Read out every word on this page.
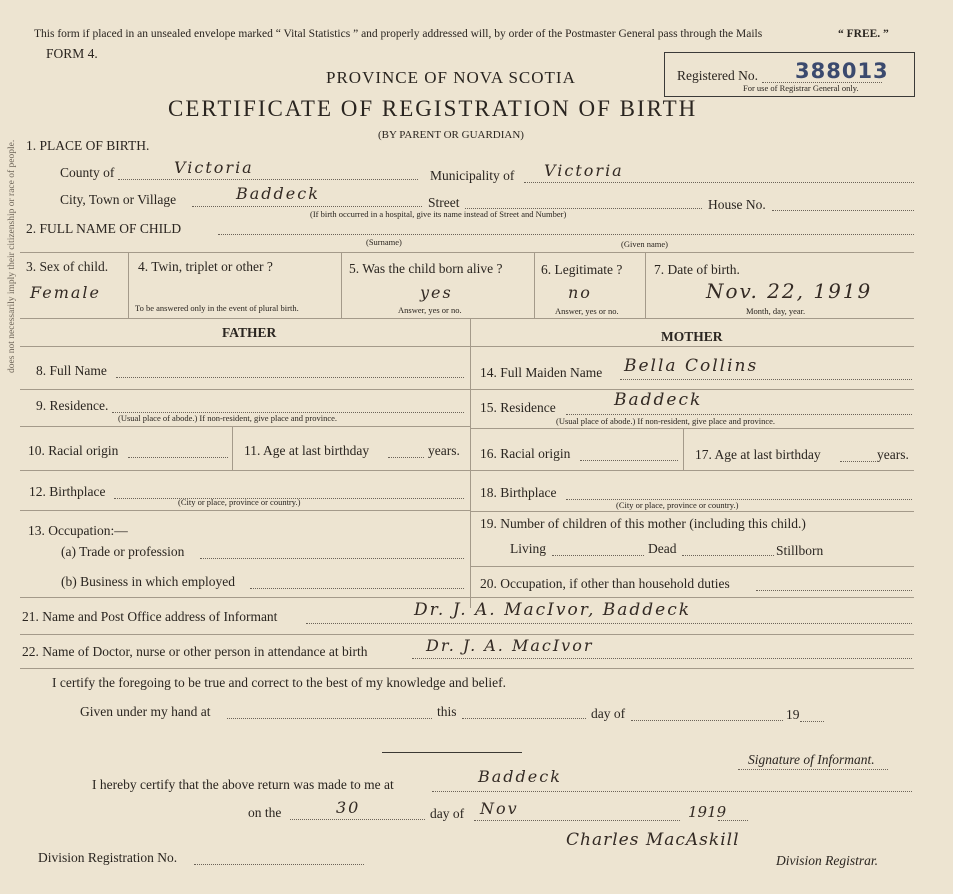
does not necessarily imply their citizenship or race of people.
This form if placed in an unsealed envelope marked “ Vital Statistics ” and properly addressed will, by order of the Postmaster General pass through the Mails	“ FREE. ”
FORM 4.
PROVINCE OF NOVA SCOTIA
CERTIFICATE OF REGISTRATION OF BIRTH
(BY PARENT OR GUARDIAN)
Registered No. 388013
For use of Registrar General only.
1. PLACE OF BIRTH.
County of	Victoria	Municipality of Victoria
City, Town or Village	Baddeck	Street	House No.
(If birth occurred in a hospital, give its name instead of Street and Number)
2. FULL NAME OF CHILD
(Surname)	(Given name)
3. Sex of child.
Female
4. Twin, triplet or other ?
To be answered only in the event of plural birth.
5. Was the child born alive ?
yes
Answer, yes or no.
6. Legitimate ?
no
Answer, yes or no.
7. Date of birth.
Nov. 22, 1919
Month, day, year.
FATHER	MOTHER
8. Full Name
9. Residence.
(Usual place of abode.) If non-resident, give place and province.
10. Racial origin	11. Age at last birthday	years.
12. Birthplace
(City or place, province or country.)
13. Occupation:—
(a) Trade or profession
(b) Business in which employed
14. Full Maiden Name Bella Collins
15. Residence	Baddeck
(Usual place of abode.) If non-resident, give place and province.
16. Racial origin	17. Age at last birthday	years.
18. Birthplace
(City or place, province or country.)
19. Number of children of this mother (including this child.)
Living	Dead	Stillborn
20. Occupation, if other than household duties
21. Name and Post Office address of Informant	Dr. J. A. MacIvor, Baddeck
22. Name of Doctor, nurse or other person in attendance at birth	Dr. J. A. MacIvor
I certify the foregoing to be true and correct to the best of my knowledge and belief.
Given under my hand at	this	day of	19
Signature of Informant.
I hereby certify that the above return was made to me at	Baddeck
on the	30	day of Nov	1919
Charles MacAskill
Division Registration No.	Division Registrar.
